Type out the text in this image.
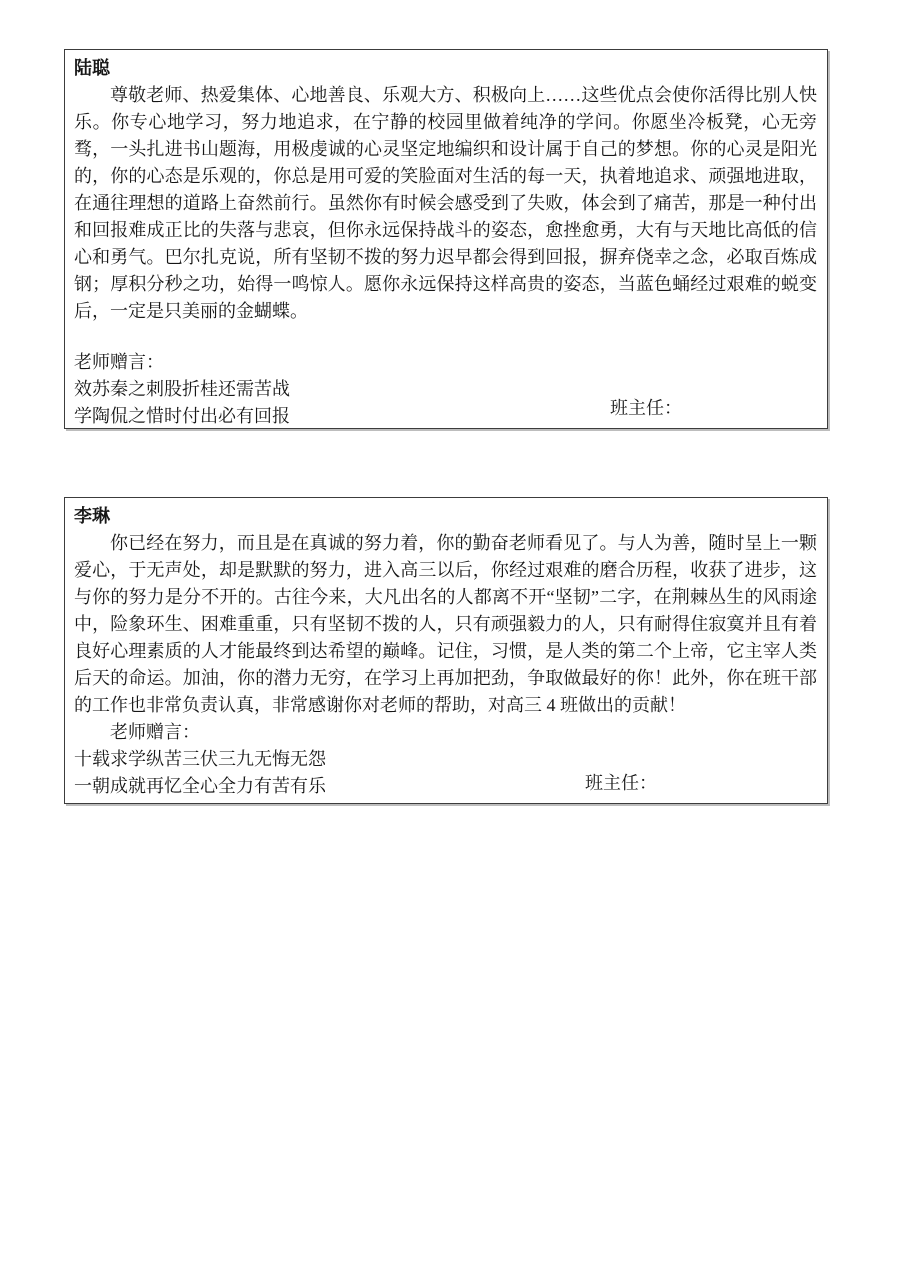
陆聪
尊敬老师、热爱集体、心地善良、乐观大方、积极向上……这些优点会使你活得比别人快乐。你专心地学习，努力地追求，在宁静的校园里做着纯净的学问。你愿坐冷板凳，心无旁骛，一头扎进书山题海，用极虔诚的心灵坚定地编织和设计属于自己的梦想。你的心灵是阳光的，你的心态是乐观的，你总是用可爱的笑脸面对生活的每一天，执着地追求、顽强地进取，在通往理想的道路上奋然前行。虽然你有时候会感受到了失败，体会到了痛苦，那是一种付出和回报难成正比的失落与悲哀，但你永远保持战斗的姿态，愈挫愈勇，大有与天地比高低的信心和勇气。巴尔扎克说，所有坚韧不拨的努力迟早都会得到回报，摒弃侥幸之念，必取百炼成钢；厚积分秒之功，始得一鸣惊人。愿你永远保持这样高贵的姿态，当蓝色蛹经过艰难的蜕变后，一定是只美丽的金蝴蝶。
老师赠言：
效苏秦之刺股折桂还需苦战
学陶侃之惜时付出必有回报	班主任：
李琳
你已经在努力，而且是在真诚的努力着，你的勤奋老师看见了。与人为善，随时呈上一颗爱心，于无声处，却是默默的努力，进入高三以后，你经过艰难的磨合历程，收获了进步，这与你的努力是分不开的。古往今来，大凡出名的人都离不开“坚韧”二字，在荆棘丛生的风雨途中，险象环生、困难重重，只有坚韧不拨的人，只有顽强毅力的人，只有耐得住寂寞并且有着良好心理素质的人才能最终到达希望的巅峰。记住，习惯，是人类的第二个上帝，它主宰人类后天的命运。加油，你的潜力无穷，在学习上再加把劲，争取做最好的你！此外，你在班干部的工作也非常负责认真，非常感谢你对老师的帮助，对高三 4 班做出的贡献！
老师赠言：
十载求学纵苦三伏三九无悔无怨
一朝成就再忆全心全力有苦有乐	班主任：
